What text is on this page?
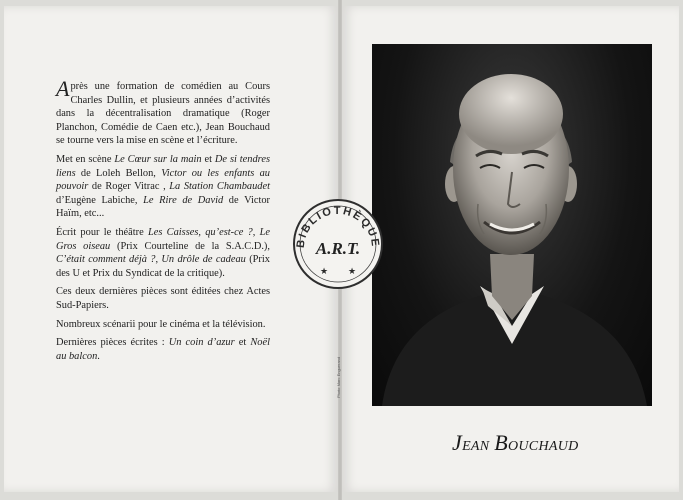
Après une formation de comédien au Cours Charles Dullin, et plusieurs années d’activités dans la décentralisation dramatique (Roger Planchon, Comédie de Caen etc.), Jean Bouchaud se tourne vers la mise en scène et l’écriture.

Met en scène Le Cœur sur la main et De si tendres liens de Loleh Bellon, Victor ou les enfants au pouvoir de Roger Vitrac , La Station Chambaudet d’Eugène Labiche, Le Rire de David de Victor Haïm, etc...

Écrit pour le théâtre Les Caisses, qu’est-ce ?, Le Gros oiseau (Prix Courteline de la S.A.C.D.), C’était comment déjà ?, Un drôle de cadeau (Prix des U et Prix du Syndicat de la critique).

Ces deux dernières pièces sont éditées chez Actes Sud-Papiers.

Nombreux scénarii pour le cinéma et la télévision.

Dernières pièces écrites : Un coin d’azur et Noël au balcon.

Photo Marc Enguerand
BIBLIOTHÈQUE
A.R.T.
★ ★
JEAN BOUCHAUD
